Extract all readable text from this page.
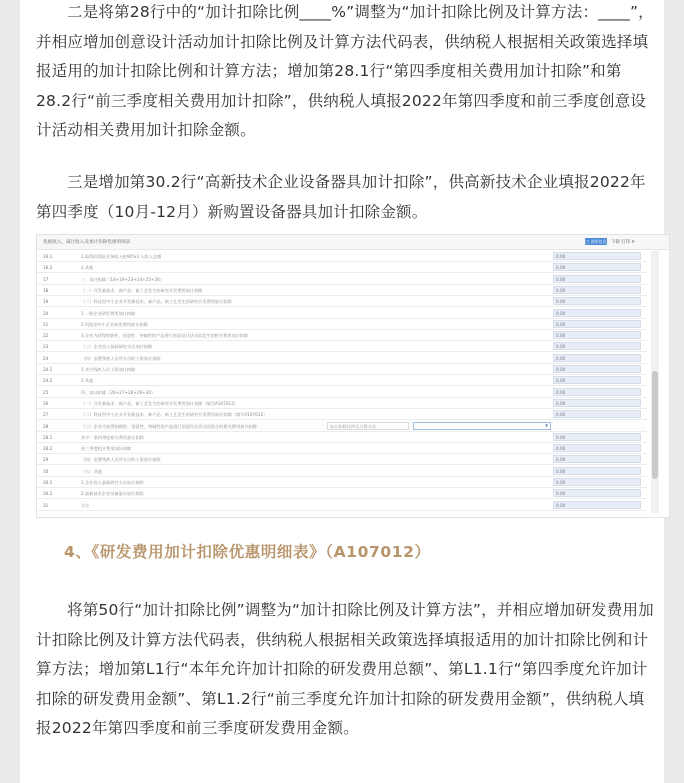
二是将第28行中的“加计扣除比例____%”调整为“加计扣除比例及计算方法：____”，并相应增加创意设计活动加计扣除比例及计算方法代码表，供纳税人根据相关政策选择填报适用的加计扣除比例和计算方法；增加第28.1行“第四季度相关费用加计扣除”和第28.2行“前三季度相关费用加计扣除”，供纳税人填报2022年第四季度和前三季度创意设计活动相关费用加计扣除金额。

三是增加第30.2行“高新技术企业设备器具加计扣除”，供高新技术企业填报2022年第四季度（10月-12月）新购置设备器具加计扣除金额。

免税收入、减计收入及加计扣除优惠明细表	□ 说明信息 下载 打印 ✕
16.1	1.取得的保险业务收入按90%计入收入总额	0.00
16.2	2.其他	0.00
17	三、加计扣除（18+19+23+24+25+26）	0.00
18	（一）开发新技术、新产品、新工艺发生的研究开发费用加计扣除	0.00
19	（二）科技型中小企业开发新技术、新产品、新工艺发生的研究开发费用加计扣除	0.00
20	1.一般企业研发费用加计扣除	0.00
21	2.科技型中小企业研发费用加计扣除	0.00
22	3.企业为获得创新性、创意性、突破性的产品进行创意设计活动而发生的相关费用加计扣除	0.00
23	（三）企业投入基础研究支出加计扣除	0.00
24	（四）安置残疾人员所支付的工资加计扣除	0.00
24.1	1.支付残疾人员工资加计扣除	0.00
24.2	2.其他	0.00
25	四、加计扣除（26+27+28+29+30）	0.00
26	（一）开发新技术、新产品、新工艺发生的研究开发费用加计扣除（填写A107012）	0.00
27	（二）科技型中小企业开发新技术、新产品、新工艺发生的研究开发费用加计扣除（填写A107012）	0.00
28	（三）企业为获得创新性、创意性、突破性的产品进行创意设计活动而发生的相关费用加计扣除	加计扣除比例及计算方法	▼
28.1	其中：第四季度相关费用加计扣除	0.00
28.2	前三季度相关费用加计扣除	0.00
29	（四）安置残疾人员所支付的工资加计扣除	0.00
30	（五）其他	0.00
30.1	1.企业投入基础研究支出加计扣除	0.00
30.2	2.高新技术企业设备器具加计扣除	0.00
31	合计	0.00
4、《研发费用加计扣除优惠明细表》（A107012）

将第50行“加计扣除比例”调整为“加计扣除比例及计算方法”，并相应增加研发费用加计扣除比例及计算方法代码表，供纳税人根据相关政策选择填报适用的加计扣除比例和计算方法；增加第L1行“本年允许加计扣除的研发费用总额”、第L1.1行“第四季度允许加计扣除的研发费用金额”、第L1.2行“前三季度允许加计扣除的研发费用金额”，供纳税人填报2022年第四季度和前三季度研发费用金额。
